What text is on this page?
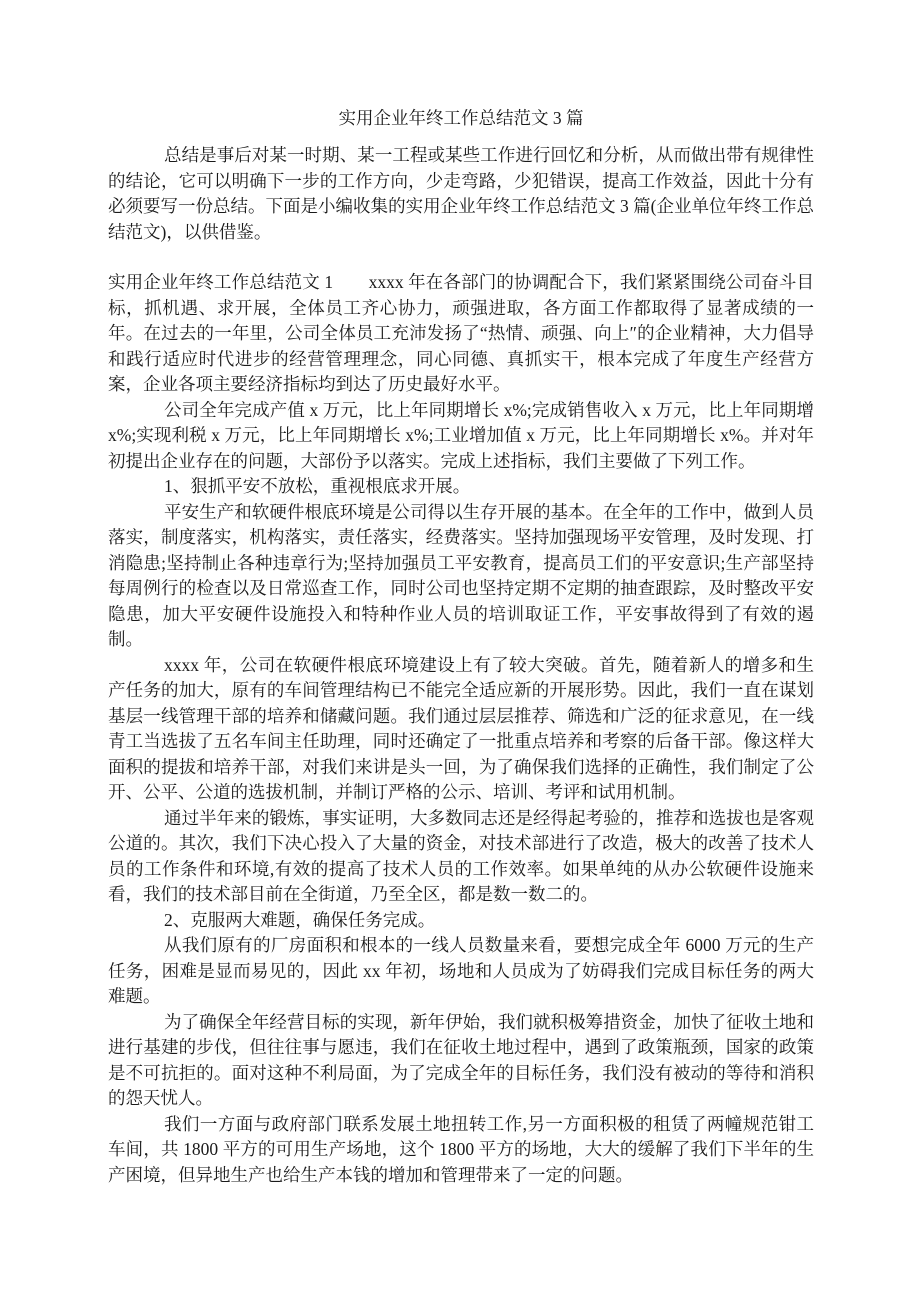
实用企业年终工作总结范文 3 篇

总结是事后对某一时期、某一工程或某些工作进行回忆和分析，从而做出带有规律性的结论，它可以明确下一步的工作方向，少走弯路，少犯错误，提高工作效益，因此十分有必须要写一份总结。下面是小编收集的实用企业年终工作总结范文 3 篇(企业单位年终工作总结范文)，以供借鉴。

实用企业年终工作总结范文 1　　xxxx 年在各部门的协调配合下，我们紧紧围绕公司奋斗目标，抓机遇、求开展，全体员工齐心协力，顽强进取，各方面工作都取得了显著成绩的一年。在过去的一年里，公司全体员工充沛发扬了“热情、顽强、向上″的企业精神，大力倡导和践行适应时代进步的经营管理理念，同心同德、真抓实干，根本完成了年度生产经营方案，企业各项主要经济指标均到达了历史最好水平。

公司全年完成产值 x 万元，比上年同期增长 x%;完成销售收入 x 万元，比上年同期增 x%;实现利税 x 万元，比上年同期增长 x%;工业增加值 x 万元，比上年同期增长 x%。并对年初提出企业存在的问题，大部份予以落实。完成上述指标，我们主要做了下列工作。

1、狠抓平安不放松，重视根底求开展。

平安生产和软硬件根底环境是公司得以生存开展的基本。在全年的工作中，做到人员落实，制度落实，机构落实，责任落实，经费落实。坚持加强现场平安管理，及时发现、打消隐患;坚持制止各种违章行为;坚持加强员工平安教育，提高员工们的平安意识;生产部坚持每周例行的检查以及日常巡查工作，同时公司也坚持定期不定期的抽查跟踪，及时整改平安隐患，加大平安硬件设施投入和特种作业人员的培训取证工作，平安事故得到了有效的遏制。

xxxx 年，公司在软硬件根底环境建设上有了较大突破。首先，随着新人的增多和生产任务的加大，原有的车间管理结构已不能完全适应新的开展形势。因此，我们一直在谋划基层一线管理干部的培养和储藏问题。我们通过层层推荐、筛选和广泛的征求意见，在一线青工当选拔了五名车间主任助理，同时还确定了一批重点培养和考察的后备干部。像这样大面积的提拔和培养干部，对我们来讲是头一回，为了确保我们选择的正确性，我们制定了公开、公平、公道的选拔机制，并制订严格的公示、培训、考评和试用机制。

通过半年来的锻炼，事实证明，大多数同志还是经得起考验的，推荐和选拔也是客观公道的。其次，我们下决心投入了大量的资金，对技术部进行了改造，极大的改善了技术人员的工作条件和环境,有效的提高了技术人员的工作效率。如果单纯的从办公软硬件设施来看，我们的技术部目前在全街道，乃至全区，都是数一数二的。

2、克服两大难题，确保任务完成。

从我们原有的厂房面积和根本的一线人员数量来看，要想完成全年 6000 万元的生产任务，困难是显而易见的，因此 xx 年初，场地和人员成为了妨碍我们完成目标任务的两大难题。

为了确保全年经营目标的实现，新年伊始，我们就积极筹措资金，加快了征收土地和进行基建的步伐，但往往事与愿违，我们在征收土地过程中，遇到了政策瓶颈，国家的政策是不可抗拒的。面对这种不利局面，为了完成全年的目标任务，我们没有被动的等待和消积的怨天忧人。

我们一方面与政府部门联系发展土地扭转工作,另一方面积极的租赁了两幢规范钳工车间，共 1800 平方的可用生产场地，这个 1800 平方的场地，大大的缓解了我们下半年的生产困境，但异地生产也给生产本钱的增加和管理带来了一定的问题。
